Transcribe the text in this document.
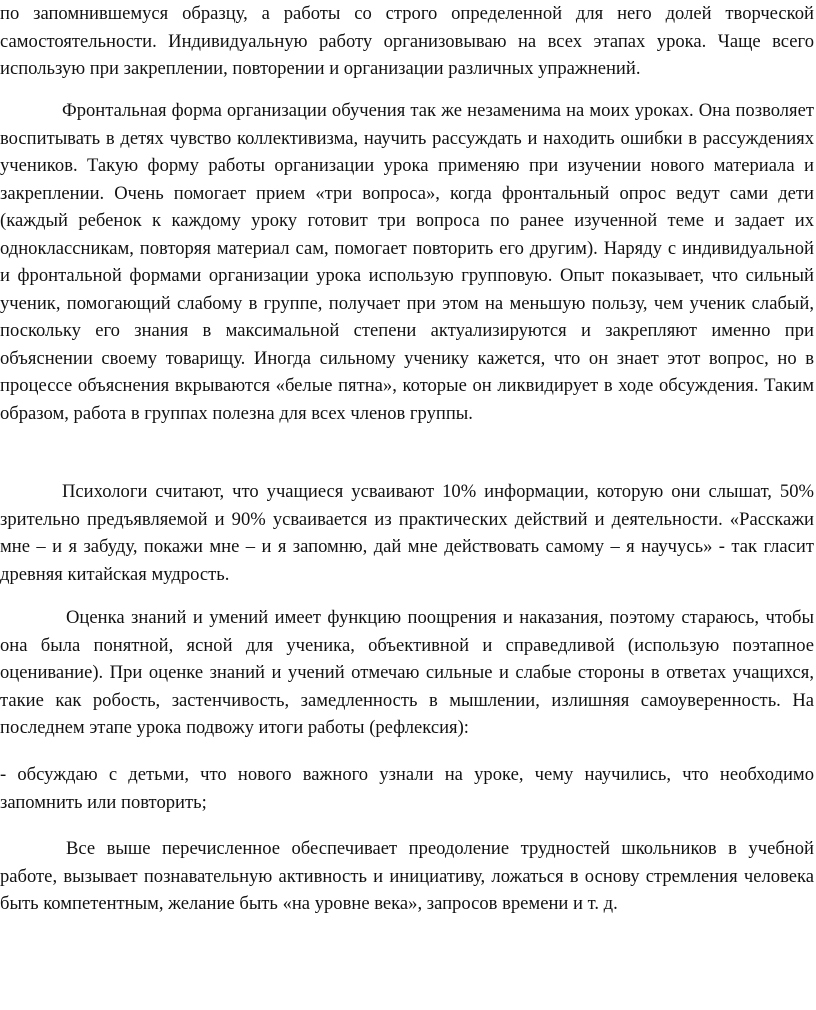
по запомнившемуся образцу, а работы со строго определенной для него долей творческой самостоятельности. Индивидуальную работу организовываю на всех этапах урока. Чаще всего использую при закреплении, повторении и организации различных упражнений.

Фронтальная форма организации обучения так же незаменима на моих уроках. Она позволяет воспитывать в детях чувство коллективизма, научить рассуждать и находить ошибки в рассуждениях учеников. Такую форму работы организации урока применяю при изучении нового материала и закреплении. Очень помогает прием «три вопроса», когда фронтальный опрос ведут сами дети (каждый ребенок к каждому уроку готовит три вопроса по ранее изученной теме и задает их одноклассникам, повторяя материал сам, помогает повторить его другим). Наряду с индивидуальной и фронтальной формами организации урока использую групповую. Опыт показывает, что сильный ученик, помогающий слабому в группе, получает при этом на меньшую пользу, чем ученик слабый, поскольку его знания в максимальной степени актуализируются и закрепляют именно при объяснении своему товарищу. Иногда сильному ученику кажется, что он знает этот вопрос, но в процессе объяснения вкрываются «белые пятна», которые он ликвидирует в ходе обсуждения. Таким образом, работа в группах полезна для всех членов группы.

Психологи считают, что учащиеся усваивают 10% информации, которую они слышат, 50% зрительно предъявляемой и 90% усваивается из практических действий и деятельности. «Расскажи мне – и я забуду, покажи мне – и я запомню, дай мне действовать самому – я научусь» - так гласит древняя китайская мудрость.

Оценка знаний и умений имеет функцию поощрения и наказания, поэтому стараюсь, чтобы она была понятной, ясной для ученика, объективной и справедливой (использую поэтапное оценивание). При оценке знаний и учений отмечаю сильные и слабые стороны в ответах учащихся, такие как робость, застенчивость, замедленность в мышлении, излишняя самоуверенность. На последнем этапе урока подвожу итоги работы (рефлексия):

- обсуждаю с детьми, что нового важного узнали на уроке, чему научились, что необходимо запомнить или повторить;

Все выше перечисленное обеспечивает преодоление трудностей школьников в учебной работе, вызывает познавательную активность и инициативу, ложаться в основу стремления человека быть компетентным, желание быть «на уровне века», запросов времени и т. д.
